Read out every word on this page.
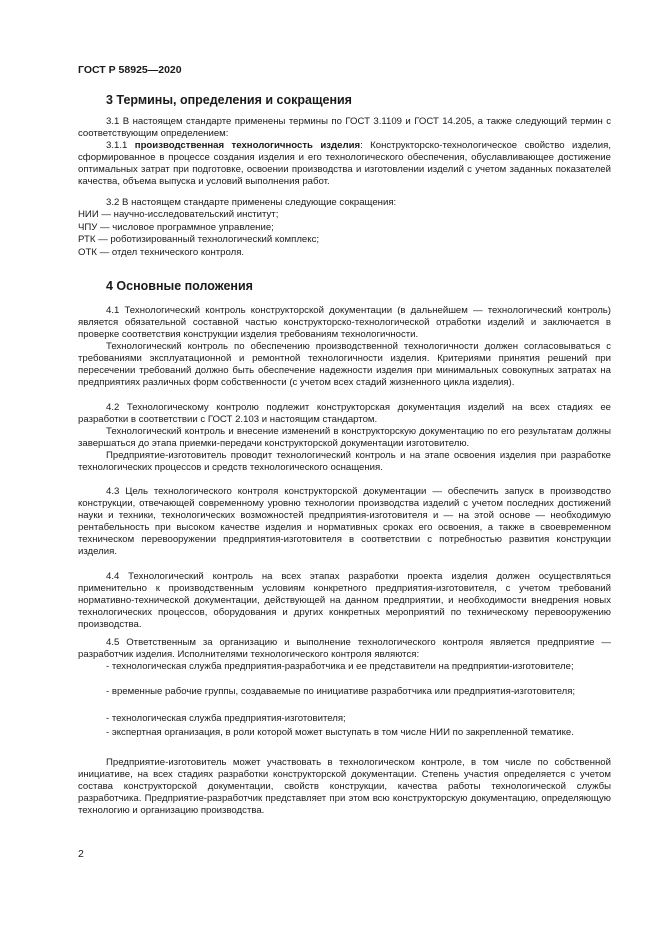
ГОСТ Р 58925—2020
3 Термины, определения и сокращения

3.1 В настоящем стандарте применены термины по ГОСТ 3.1109 и ГОСТ 14.205, а также следующий термин с соответствующим определением:

3.1.1 производственная технологичность изделия: Конструкторско-технологическое свойство изделия, сформированное в процессе создания изделия и его технологического обеспечения, обуславливающее достижение оптимальных затрат при подготовке, освоении производства и изготовлении изделий с учетом заданных показателей качества, объема выпуска и условий выполнения работ.

3.2 В настоящем стандарте применены следующие сокращения:

НИИ — научно-исследовательский институт;

ЧПУ — числовое программное управление;

РТК — роботизированный технологический комплекс;

ОТК — отдел технического контроля.

4 Основные положения

4.1 Технологический контроль конструкторской документации (в дальнейшем — технологический контроль) является обязательной составной частью конструкторско-технологической отработки изделий и заключается в проверке соответствия конструкции изделия требованиям технологичности.

Технологический контроль по обеспечению производственной технологичности должен согласовываться с требованиями эксплуатационной и ремонтной технологичности изделия. Критериями принятия решений при пересечении требований должно быть обеспечение надежности изделия при минимальных совокупных затратах на предприятиях различных форм собственности (с учетом всех стадий жизненного цикла изделия).

4.2 Технологическому контролю подлежит конструкторская документация изделий на всех стадиях ее разработки в соответствии с ГОСТ 2.103 и настоящим стандартом.

Технологический контроль и внесение изменений в конструкторскую документацию по его результатам должны завершаться до этапа приемки-передачи конструкторской документации изготовителю.

Предприятие-изготовитель проводит технологический контроль и на этапе освоения изделия при разработке технологических процессов и средств технологического оснащения.

4.3 Цель технологического контроля конструкторской документации — обеспечить запуск в производство конструкции, отвечающей современному уровню технологии производства изделий с учетом последних достижений науки и техники, технологических возможностей предприятия-изготовителя и — на этой основе — необходимую рентабельность при высоком качестве изделия и нормативных сроках его освоения, а также в своевременном техническом перевооружении предприятия-изготовителя в соответствии с потребностью развития конструкции изделия.

4.4 Технологический контроль на всех этапах разработки проекта изделия должен осуществляться применительно к производственным условиям конкретного предприятия-изготовителя, с учетом требований нормативно-технической документации, действующей на данном предприятии, и необходимости внедрения новых технологических процессов, оборудования и других конкретных мероприятий по техническому перевооружению производства.

4.5 Ответственным за организацию и выполнение технологического контроля является предприятие — разработчик изделия. Исполнителями технологического контроля являются:

- технологическая служба предприятия-разработчика и ее представители на предприятии-изготовителе;

- временные рабочие группы, создаваемые по инициативе разработчика или предприятия-изготовителя;

- технологическая служба предприятия-изготовителя;

- экспертная организация, в роли которой может выступать в том числе НИИ по закрепленной тематике.

Предприятие-изготовитель может участвовать в технологическом контроле, в том числе по собственной инициативе, на всех стадиях разработки конструкторской документации. Степень участия определяется с учетом состава конструкторской документации, свойств конструкции, качества работы технологической службы разработчика. Предприятие-разработчик представляет при этом всю конструкторскую документацию, определяющую технологию и организацию производства.

2
